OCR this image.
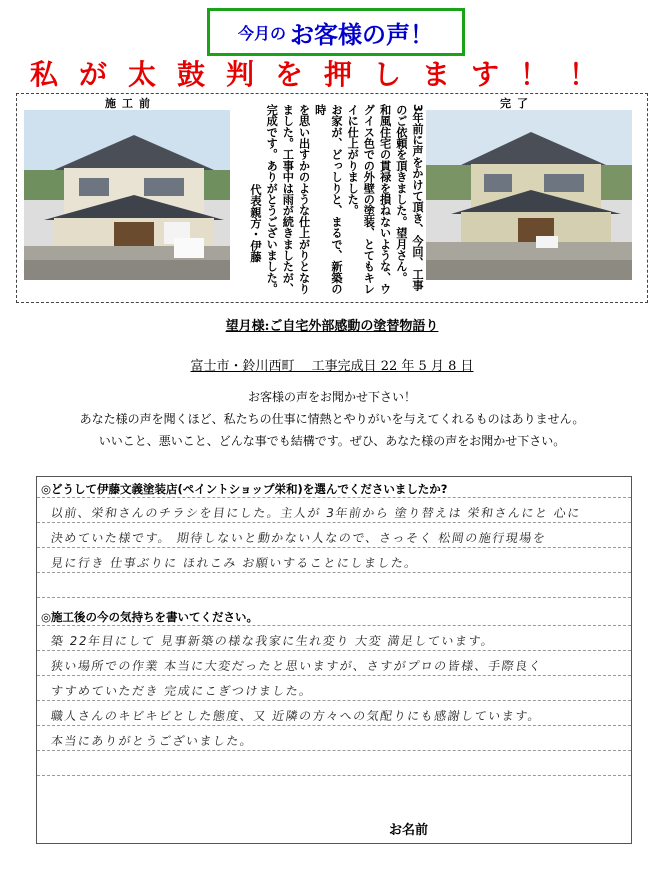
今月の お客様の声！
私が太鼓判を押します！！
施工前	完了
3年前に声をかけて頂き、今回、工事
のご依頼を頂きました。望月さん。
和風住宅の貫禄を損ねないような、ウ
グイス色での外壁の塗装、とてもキレ
イに仕上がりました。
お家が、どっしりと、まるで、新築の時
を思い出すかのような仕上がりとなり
ました。工事中は雨が続きましたが、
完成です。ありがとうございました。
代表親方・伊藤
望月様:ご自宅外部感動の塗替物語り
富士市・鈴川西町　 工事完成日 22 年 5 月 8 日
お客様の声をお聞かせ下さい！
あなた様の声を聞くほど、私たちの仕事に情熱とやりがいを与えてくれるものはありません。
いいこと、悪いこと、どんな事でも結構です。ぜひ、あなた様の声をお聞かせ下さい。
◎どうして伊藤文義塗装店(ペイントショップ栄和)を選んでくださいましたか?
以前、栄和さんのチラシを目にした。主人が 3年前から 塗り替えは 栄和さんにと 心に
決めていた様です。 期待しないと動かない人なので、さっそく 松岡の施行現場を
見に行き 仕事ぶりに ほれこみ お願いすることにしました。
◎施工後の今の気持ちを書いてください。
築 22年目にして 見事新築の様な我家に生れ変り 大変 満足しています。
狭い場所での作業 本当に大変だったと思いますが、さすがプロの皆様、手際良く
すすめていただき 完成にこぎつけました。
職人さんのキビキビとした態度、又 近隣の方々への気配りにも感謝しています。
本当にありがとうございました。
お名前
